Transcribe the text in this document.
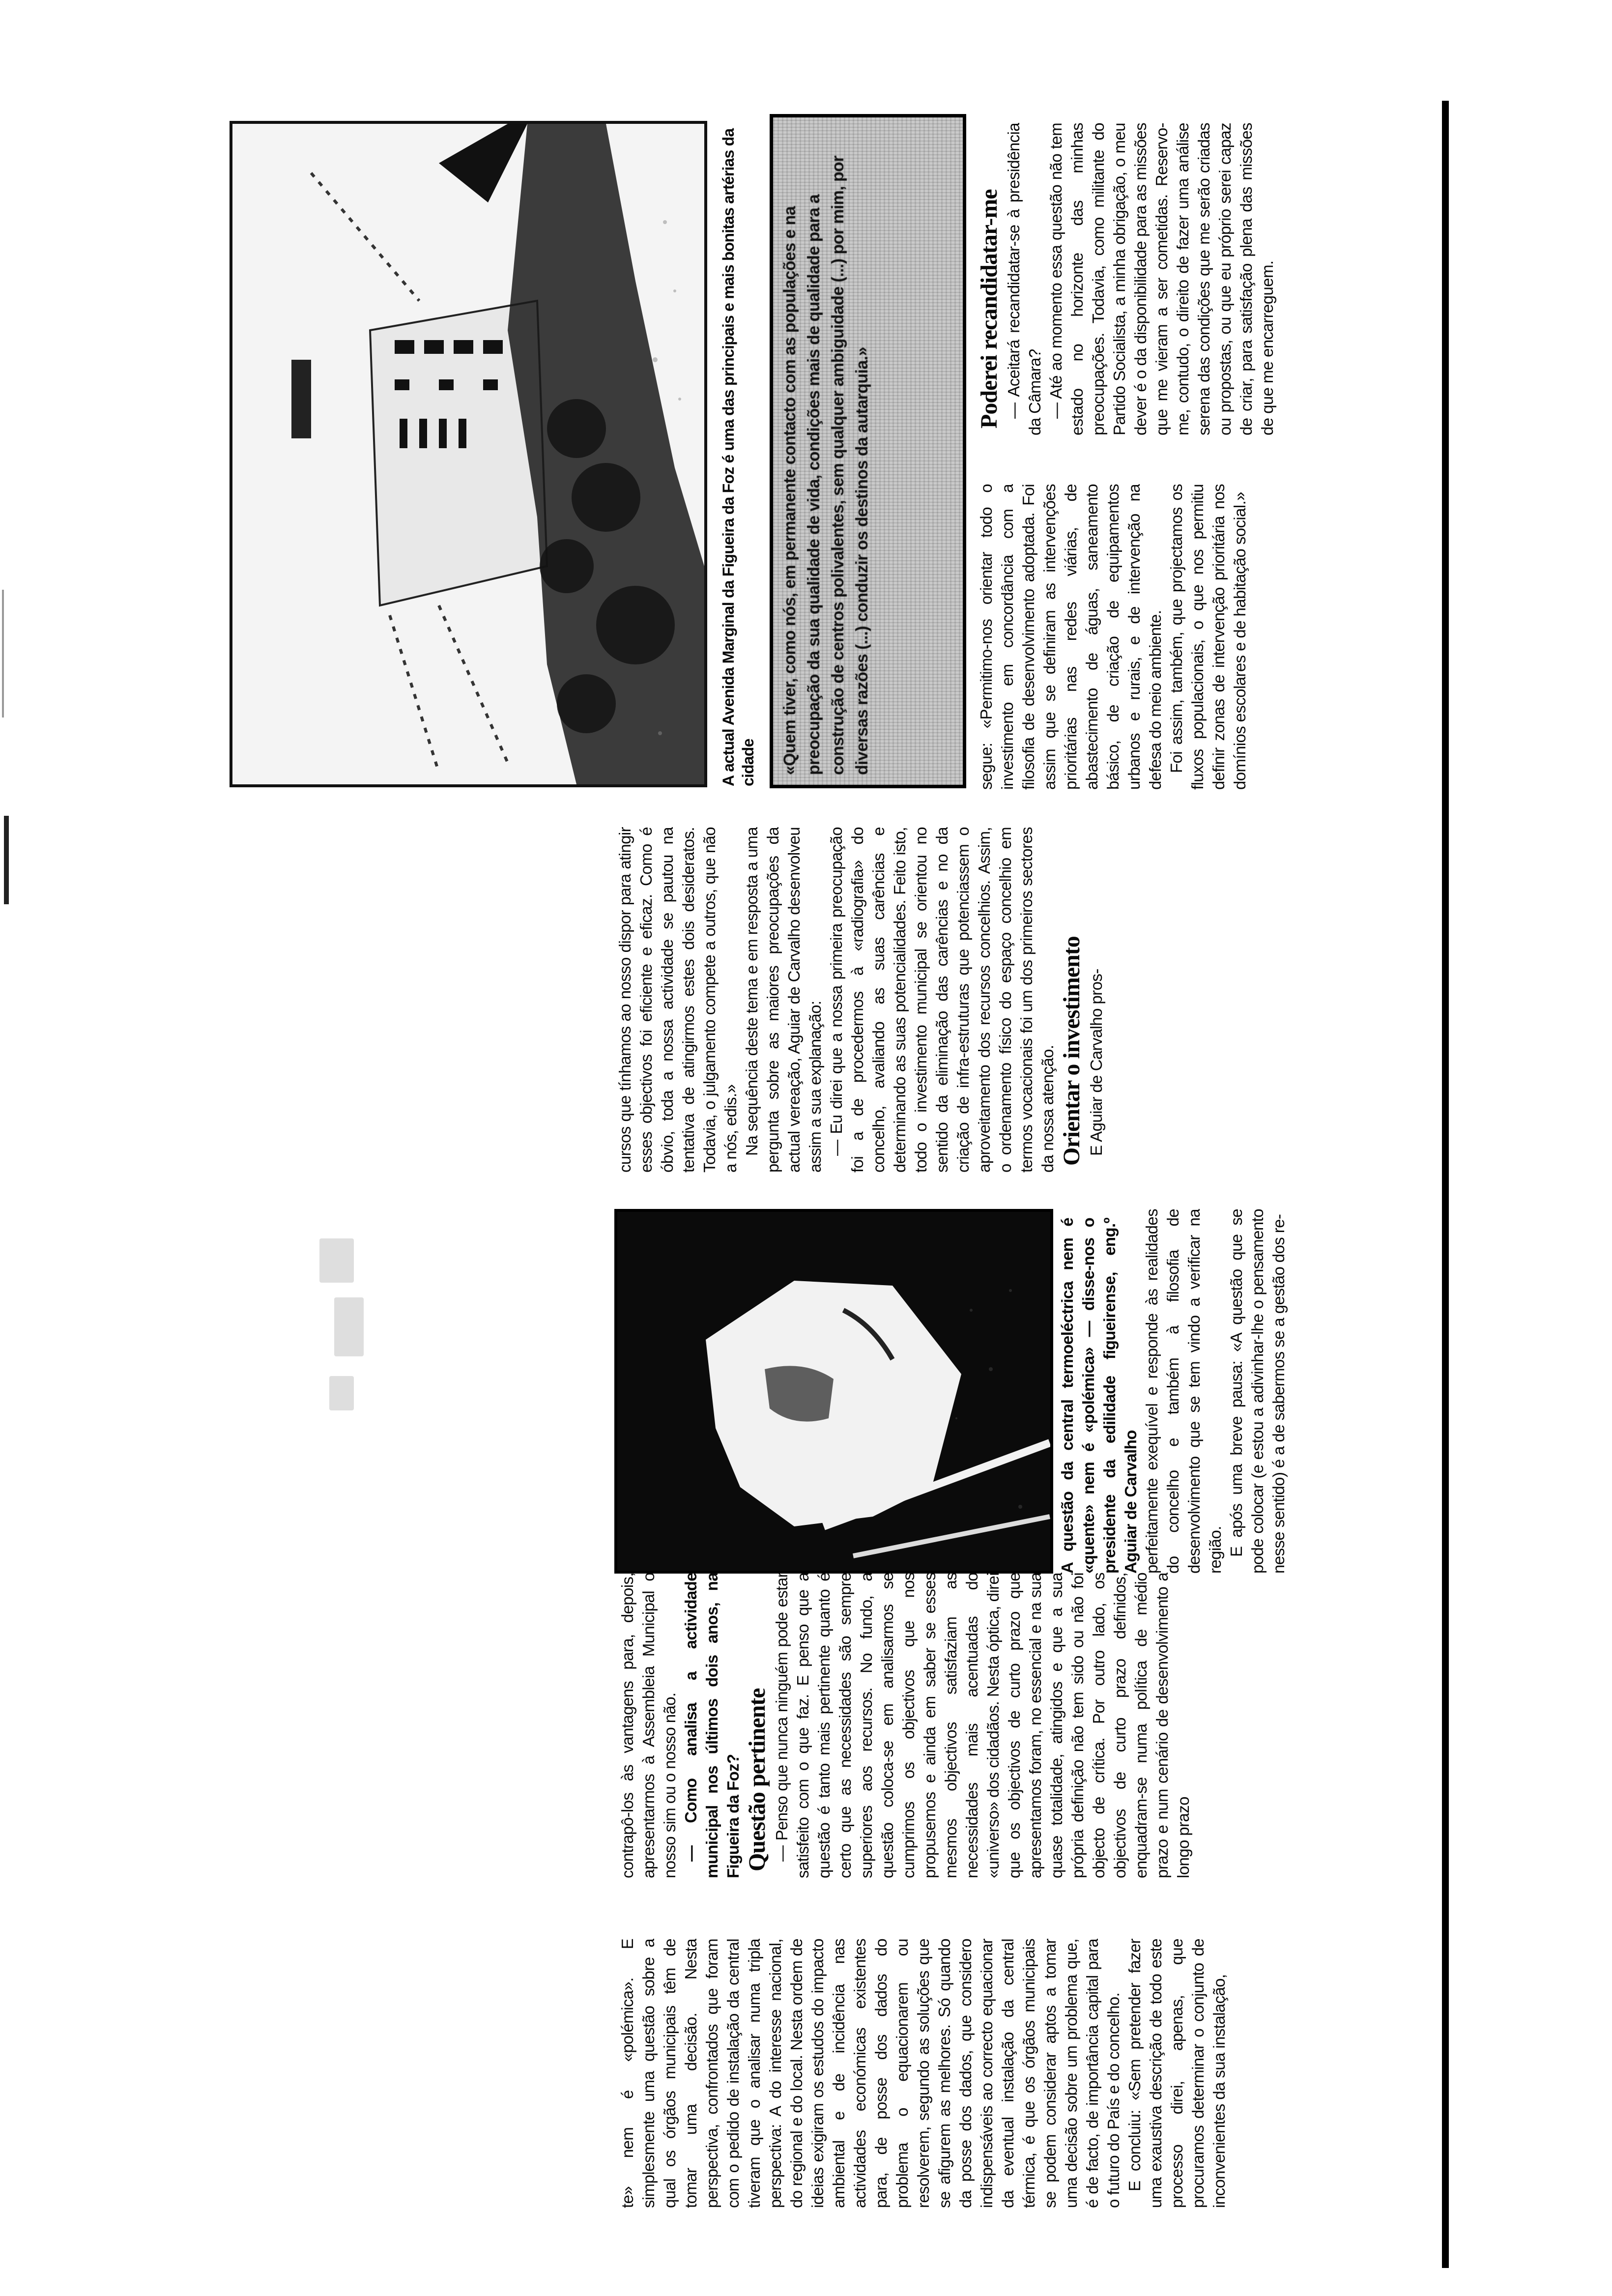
A actual Avenida Marginal da Figueira da Foz é uma das principais e mais bonitas artérias da cidade	«Quem tiver, como nós, em permanente contacto com as populações e na preocupação da sua qualidade de vida, condições mais de qualidade para a construção de centros polivalentes, sem qualquer ambiguidade (...) por mim, por diversas razões (...) conduzir os destinos da autarquia.»
Poderei recandidatar-me — Aceitará recandidatar-se à presidência da Câmara? — Até ao momento essa questão não tem estado no horizonte das minhas preocupações. Todavia, como militante do Partido Socialista, a minha obrigação, o meu dever é o da disponibilidade para as missões que me vieram a ser cometidas. Reservo-me, contudo, o direito de fazer uma análise serena das condições que me serão criadas ou propostas, ou que eu próprio serei capaz de criar, para satisfação plena das missões de que me encarreguem.

segue: «Permitimo-nos orientar todo o investimento em concordância com a filosofia de desenvolvimento adoptada. Foi assim que se definiram as intervenções prioritárias nas redes viárias, de abastecimento de águas, saneamento básico, de criação de equipamentos urbanos e rurais, e de intervenção na defesa do meio ambiente. Foi assim, também, que projectamos os fluxos populacionais, o que nos permitiu definir zonas de intervenção prioritária nos domínios escolares e de habitação social.»

cursos que tínhamos ao nosso dispor para atingir esses objectivos foi eficiente e eficaz. Como é óbvio, toda a nossa actividade se pautou na tentativa de atingirmos estes dois desideratos. Todavia, o julgamento compete a outros, que não a nós, edis.» Na sequência deste tema e em resposta a uma pergunta sobre as maiores preocupações da actual vereação, Aguiar de Carvalho desenvolveu assim a sua explanação: — Eu direi que a nossa primeira preocupação foi a de procedermos à «radiografia» do concelho, avaliando as suas carências e determinando as suas potencialidades. Feito isto, todo o investimento municipal se orientou no sentido da eliminação das carências e no da criação de infra-estruturas que potenciassem o aproveitamento dos recursos concelhios. Assim, o ordenamento físico do espaço concelhio em termos vocacionais foi um dos primeiros sectores da nossa atenção. Orientar o investimento E Aguiar de Carvalho pros-

A questão da central termoeléctrica nem é «quente» nem é «polémica» — disse-nos o presidente da edilidade figueirense, eng.º Aguiar de Carvalho perfeitamente exequível e responde às realidades do concelho e também à filosofia de desenvolvimento que se tem vindo a verificar na região. E após uma breve pausa: «A questão que se pode colocar (e estou a adivinhar-lhe o pensamento nesse sentido) é a de sabermos se a gestão dos re-

contrapô-los às vantagens para, depois, apresentarmos à Assembleia Municipal o nosso sim ou o nosso não. — Como analisa a actividade municipal nos últimos dois anos, na Figueira da Foz? Questão pertinente — Penso que nunca ninguém pode estar satisfeito com o que faz. E penso que a questão é tanto mais pertinente quanto é certo que as necessidades são sempre superiores aos recursos. No fundo, a questão coloca-se em analisarmos se cumprimos os objectivos que nos propusemos e ainda em saber se esses mesmos objectivos satisfaziam as necessidades mais acentuadas do «universo» dos cidadãos. Nesta óptica, direi que os objectivos de curto prazo que apresentamos foram, no essencial e na sua quase totalidade, atingidos e que a sua própria definição não tem sido ou não foi objecto de crítica. Por outro lado, os objectivos de curto prazo definidos, enquadram-se numa política de médio prazo e num cenário de desenvolvimento a longo prazo

te» nem é «polémica». E simplesmente uma questão sobre a qual os órgãos municipais têm de tomar uma decisão. Nesta perspectiva, confrontados que foram com o pedido de instalação da central tiveram que o analisar numa tripla perspectiva: A do interesse nacional, do regional e do local. Nesta ordem de ideias exigiram os estudos do impacto ambiental e de incidência nas actividades económicas existentes para, de posse dos dados do problema o equacionarem ou resolverem, segundo as soluções que se afigurem as melhores. Só quando da posse dos dados, que considero indispensáveis ao correcto equacionar da eventual instalação da central térmica, é que os órgãos municipais se podem considerar aptos a tomar uma decisão sobre um problema que, é de facto, de importância capital para o futuro do País e do concelho. E concluiu: «Sem pretender fazer uma exaustiva descrição de todo este processo direi, apenas, que procuramos determinar o conjunto de inconvenientes da sua instalação,
